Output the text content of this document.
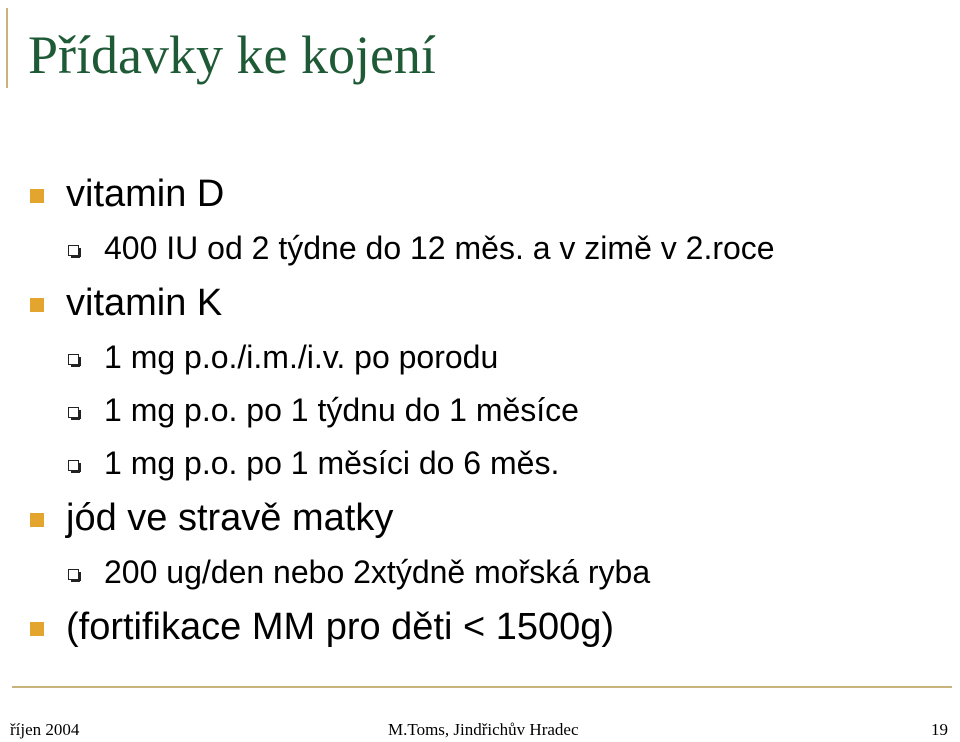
Přídavky ke kojení
vitamin D
400 IU od 2 týdne do 12 měs. a v zimě v 2.roce
vitamin K
1 mg p.o./i.m./i.v. po porodu
1 mg p.o. po 1 týdnu do 1 měsíce
1 mg p.o. po 1 měsíci do 6 měs.
jód ve stravě matky
200 ug/den nebo 2xtýdně mořská ryba
(fortifikace MM pro děti < 1500g)
říjen 2004	M.Toms, Jindřichův Hradec	19
